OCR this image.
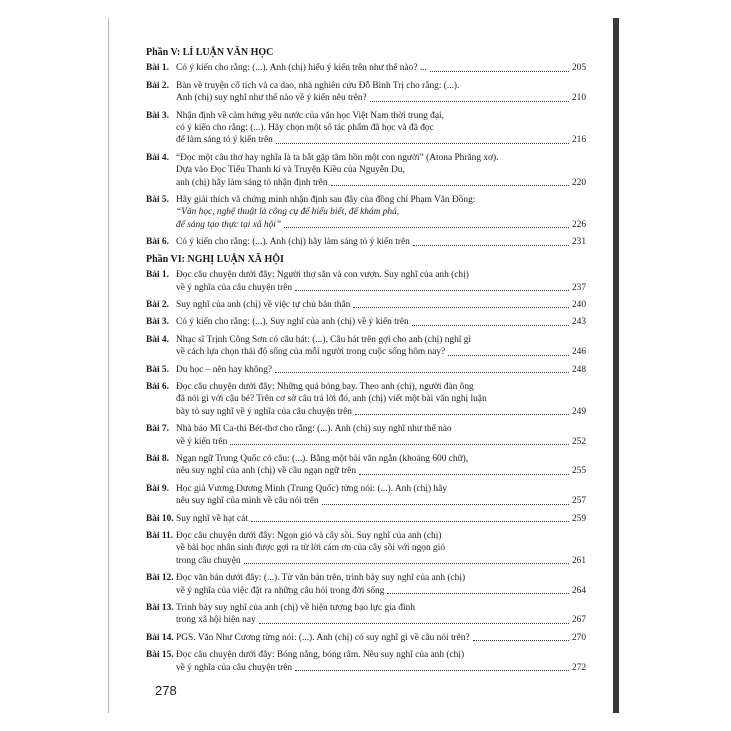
Phần V: LÍ LUẬN VĂN HỌC
Bài 1. Có ý kiến cho rằng: (...). Anh (chị) hiểu ý kiến trên như thế nào? ...	205
Bài 2. Bàn về truyện cổ tích và ca dao, nhà nghiên cứu Đỗ Bình Trị cho rằng: (...).
Anh (chị) suy nghĩ như thế nào về ý kiến nêu trên?	210
Bài 3. Nhận định về cảm hứng yêu nước của văn học Việt Nam thời trung đại,
có ý kiến cho rằng: (...). Hãy chọn một số tác phẩm đã học và đã đọc
để làm sáng tỏ ý kiến trên	216
Bài 4. “Đọc một câu thơ hay nghĩa là ta bắt gặp tâm hồn một con người” (Atona Phrăng xơ).
Dựa vào Đọc Tiểu Thanh kí và Truyện Kiều của Nguyễn Du,
anh (chị) hãy làm sáng tỏ nhận định trên	220
Bài 5. Hãy giải thích và chứng minh nhận định sau đây của đồng chí Phạm Văn Đồng:
“Văn học, nghệ thuật là công cụ để hiểu biết, để khám phá,
để sáng tạo thực tại xã hội”	226
Bài 6. Có ý kiến cho rằng: (...). Anh (chị) hãy làm sáng tỏ ý kiến trên	231
Phần VI: NGHỊ LUẬN XÃ HỘI
Bài 1. Đọc câu chuyện dưới đây: Người thợ săn và con vượn. Suy nghĩ của anh (chị)
về ý nghĩa của câu chuyện trên	237
Bài 2. Suy nghĩ của anh (chị) về việc tự chủ bản thân	240
Bài 3. Có ý kiến cho rằng: (...). Suy nghĩ của anh (chị) về ý kiến trên	243
Bài 4. Nhạc sĩ Trịnh Công Sơn có câu hát: (...). Câu hát trên gợi cho anh (chị) nghĩ gì
về cách lựa chọn thái độ sống của mỗi người trong cuộc sống hôm nay?	246
Bài 5. Du học – nên hay không?	248
Bài 6. Đọc câu chuyện dưới đây: Những quả bóng bay. Theo anh (chị), người đàn ông
đã nói gì với cậu bé? Trên cơ sở câu trả lời đó, anh (chị) viết một bài văn nghị luận
bày tỏ suy nghĩ về ý nghĩa của câu chuyện trên	249
Bài 7. Nhà báo Mĩ Ca-thi Bét-thơ cho rằng: (...). Anh (chị) suy nghĩ như thế nào
về ý kiến trên	252
Bài 8. Ngạn ngữ Trung Quốc có câu: (...). Bằng một bài văn ngắn (khoảng 600 chữ),
nêu suy nghĩ của anh (chị) về câu ngạn ngữ trên	255
Bài 9. Học giả Vương Dương Minh (Trung Quốc) từng nói: (...). Anh (chị) hãy
nêu suy nghĩ của mình về câu nói trên	257
Bài 10. Suy nghĩ về hạt cát	259
Bài 11. Đọc câu chuyện dưới đây: Ngọn gió và cây sồi. Suy nghĩ của anh (chị)
về bài học nhân sinh được gợi ra từ lời cám ơn của cây sồi với ngọn gió
trong câu chuyện	261
Bài 12. Đọc văn bản dưới đây: (...). Từ văn bản trên, trình bày suy nghĩ của anh (chị)
về ý nghĩa của việc đặt ra những câu hỏi trong đời sống	264
Bài 13. Trình bày suy nghĩ của anh (chị) về hiện tượng bạo lực gia đình
trong xã hội hiện nay	267
Bài 14. PGS. Văn Như Cương từng nói: (...). Anh (chị) có suy nghĩ gì về câu nói trên?	270
Bài 15. Đọc câu chuyện dưới đây: Bóng nắng, bóng râm. Nêu suy nghĩ của anh (chị)
về ý nghĩa của câu chuyện trên	272
278
